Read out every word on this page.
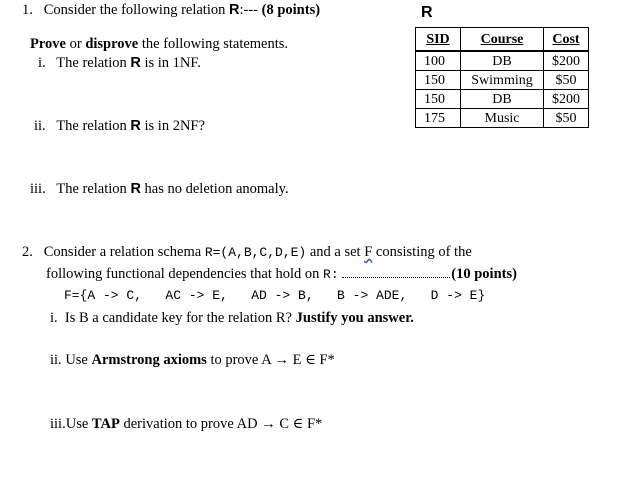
1. Consider the following relation R:--- (8 points)	R
SID	Course	Cost
100	DB	$200
150	Swimming	$50
150	DB	$200
175	Music	$50
Prove or disprove the following statements.
i. The relation R is in 1NF.
ii. The relation R is in 2NF?
iii. The relation R has no deletion anomaly.
2. Consider a relation schema R=(A,B,C,D,E) and a set F consisting of the
following functional dependencies that hold on R:	(10 points)
F={A -> C,   AC -> E,   AD -> B,   B -> ADE,   D -> E}
i. Is B a candidate key for the relation R? Justify you answer.
ii. Use Armstrong axioms to prove A → E ∈ F*
iii.Use TAP derivation to prove AD → C ∈ F*
